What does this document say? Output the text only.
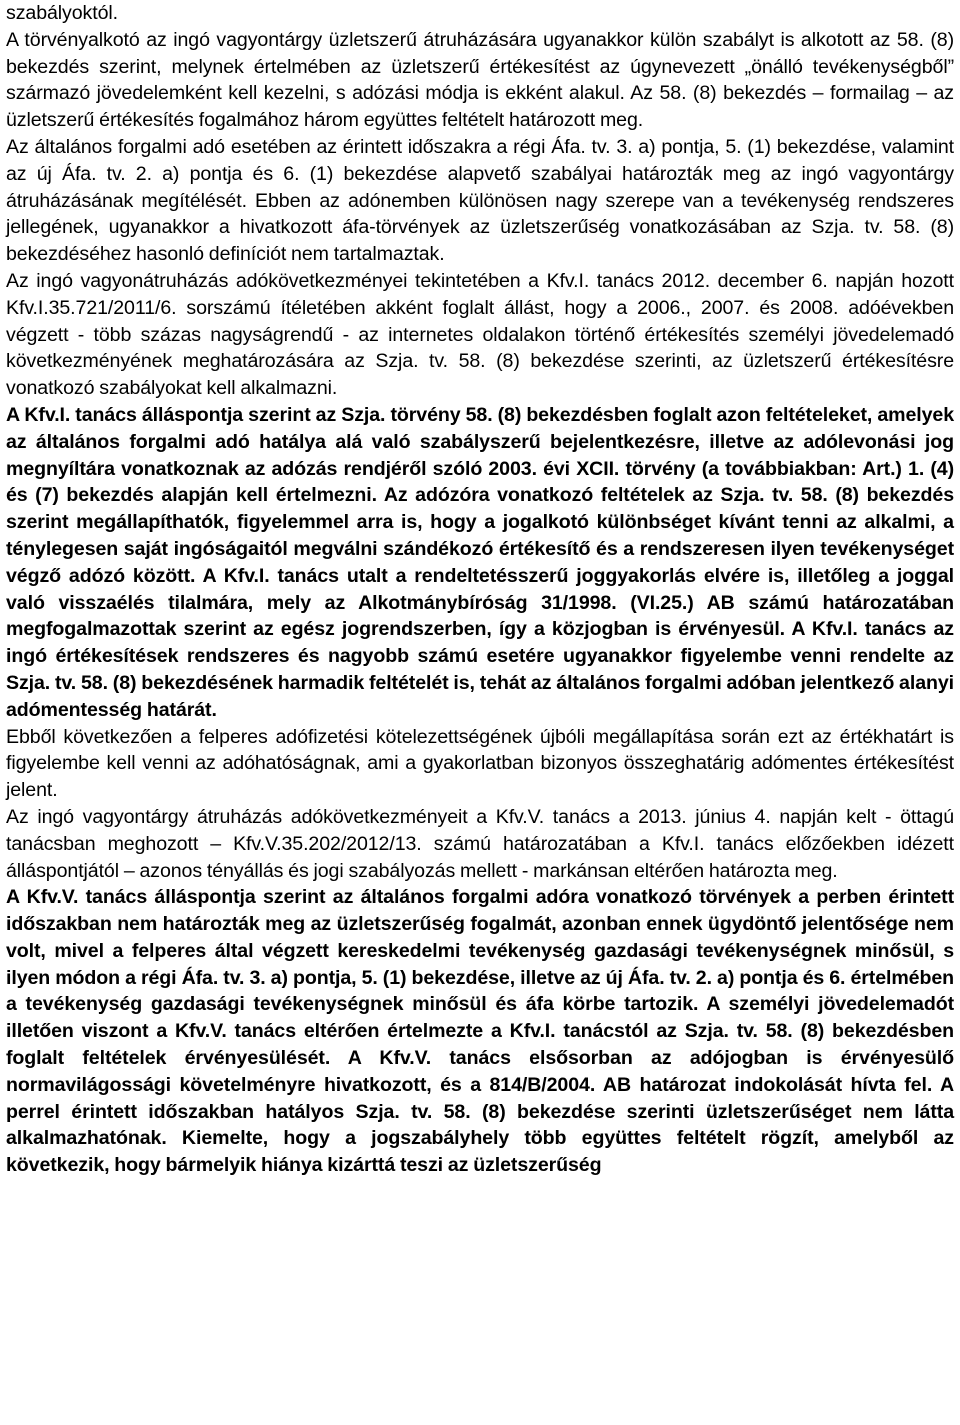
szabályoktól.

A törvényalkotó az ingó vagyontárgy üzletszerű átruházására ugyanakkor külön szabályt is alkotott az 58. (8) bekezdés szerint, melynek értelmében az üzletszerű értékesítést az úgynevezett „önálló tevékenységből” származó jövedelemként kell kezelni, s adózási módja is ekként alakul. Az 58. (8) bekezdés – formailag – az üzletszerű értékesítés fogalmához három együttes feltételt határozott meg.

Az általános forgalmi adó esetében az érintett időszakra a régi Áfa. tv. 3. a) pontja, 5. (1) bekezdése, valamint az új Áfa. tv. 2. a) pontja és 6. (1) bekezdése alapvető szabályai határozták meg az ingó vagyontárgy átruházásának megítélését. Ebben az adónemben különösen nagy szerepe van a tevékenység rendszeres jellegének, ugyanakkor a hivatkozott áfa-törvények az üzletszerűség vonatkozásában az Szja. tv. 58. (8) bekezdéséhez hasonló definíciót nem tartalmaztak.

Az ingó vagyonátruházás adókövetkezményei tekintetében a Kfv.I. tanács 2012. december 6. napján hozott Kfv.I.35.721/2011/6. sorszámú ítéletében akként foglalt állást, hogy a 2006., 2007. és 2008. adóévekben végzett - több százas nagyságrendű - az internetes oldalakon történő értékesítés személyi jövedelemadó következményének meghatározására az Szja. tv. 58. (8) bekezdése szerinti, az üzletszerű értékesítésre vonatkozó szabályokat kell alkalmazni.

A Kfv.I. tanács álláspontja szerint az Szja. törvény 58. (8) bekezdésben foglalt azon feltételeket, amelyek az általános forgalmi adó hatálya alá való szabályszerű bejelentkezésre, illetve az adólevonási jog megnyíltára vonatkoznak az adózás rendjéről szóló 2003. évi XCII. törvény (a továbbiakban: Art.) 1. (4) és (7) bekezdés alapján kell értelmezni. Az adózóra vonatkozó feltételek az Szja. tv. 58. (8) bekezdés szerint megállapíthatók, figyelemmel arra is, hogy a jogalkotó különbséget kívánt tenni az alkalmi, a ténylegesen saját ingóságaitól megválni szándékozó értékesítő és a rendszeresen ilyen tevékenységet végző adózó között. A Kfv.I. tanács utalt a rendeltetésszerű joggyakorlás elvére is, illetőleg a joggal való visszaélés tilalmára, mely az Alkotmánybíróság 31/1998. (VI.25.) AB számú határozatában megfogalmazottak szerint az egész jogrendszerben, így a közjogban is érvényesül. A Kfv.I. tanács az ingó értékesítések rendszeres és nagyobb számú esetére ugyanakkor figyelembe venni rendelte az Szja. tv. 58. (8) bekezdésének harmadik feltételét is, tehát az általános forgalmi adóban jelentkező alanyi adómentesség határát.

Ebből következően a felperes adófizetési kötelezettségének újbóli megállapítása során ezt az értékhatárt is figyelembe kell venni az adóhatóságnak, ami a gyakorlatban bizonyos összeghatárig adómentes értékesítést jelent.

Az ingó vagyontárgy átruházás adókövetkezményeit a Kfv.V. tanács a 2013. június 4. napján kelt - öttagú tanácsban meghozott – Kfv.V.35.202/2012/13. számú határozatában a Kfv.I. tanács előzőekben idézett álláspontjától – azonos tényállás és jogi szabályozás mellett - markánsan eltérően határozta meg.

A Kfv.V. tanács álláspontja szerint az általános forgalmi adóra vonatkozó törvények a perben érintett időszakban nem határozták meg az üzletszerűség fogalmát, azonban ennek ügydöntő jelentősége nem volt, mivel a felperes által végzett kereskedelmi tevékenység gazdasági tevékenységnek minősül, s ilyen módon a régi Áfa. tv. 3. a) pontja, 5. (1) bekezdése, illetve az új Áfa. tv. 2. a) pontja és 6. értelmében a tevékenység gazdasági tevékenységnek minősül és áfa körbe tartozik. A személyi jövedelemadót illetően viszont a Kfv.V. tanács eltérően értelmezte a Kfv.I. tanácstól az Szja. tv. 58. (8) bekezdésben foglalt feltételek érvényesülését. A Kfv.V. tanács elsősorban az adójogban is érvényesülő normavilágossági követelményre hivatkozott, és a 814/B/2004. AB határozat indokolását hívta fel. A perrel érintett időszakban hatályos Szja. tv. 58. (8) bekezdése szerinti üzletszerűséget nem látta alkalmazhatónak. Kiemelte, hogy a jogszabályhely több együttes feltételt rögzít, amelyből az következik, hogy bármelyik hiánya kizárttá teszi az üzletszerűség
